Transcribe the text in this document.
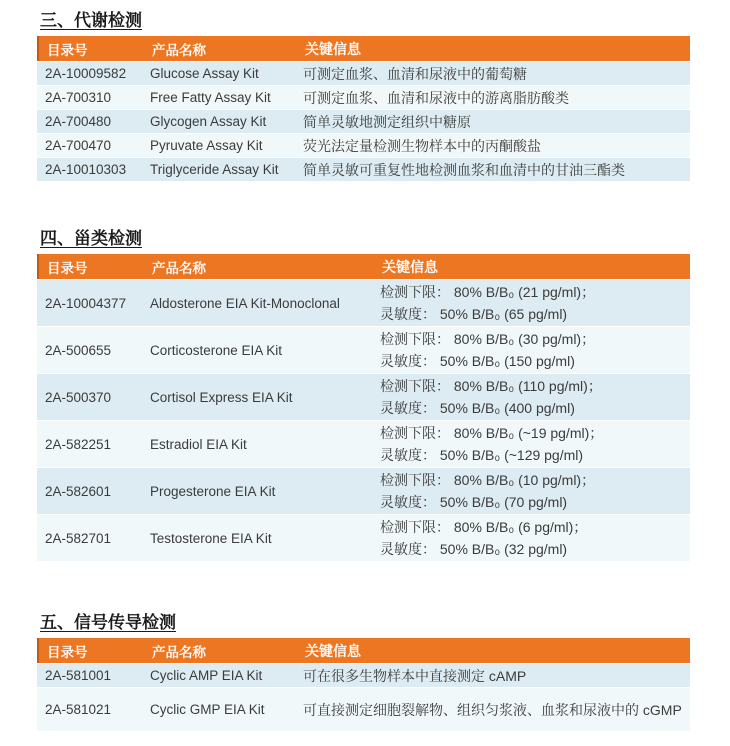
三、代谢检测
目录号	产品名称	关键信息
2A-10009582	Glucose Assay Kit	可测定血浆、血清和尿液中的葡萄糖
2A-700310	Free Fatty Assay Kit	可测定血浆、血清和尿液中的游离脂肪酸类
2A-700480	Glycogen Assay Kit	简单灵敏地测定组织中糖原
2A-700470	Pyruvate Assay Kit	荧光法定量检测生物样本中的丙酮酸盐
2A-10010303	Triglyceride Assay Kit	简单灵敏可重复性地检测血浆和血清中的甘油三酯类
四、甾类检测
目录号	产品名称	关键信息
2A-10004377	Aldosterone EIA Kit-Monoclonal
检测下限： 80% B/B₀ (21 pg/ml)；
灵敏度： 50% B/B₀ (65 pg/ml)
2A-500655	Corticosterone EIA Kit
检测下限： 80% B/B₀ (30 pg/ml)；
灵敏度： 50% B/B₀ (150 pg/ml)
2A-500370	Cortisol Express EIA Kit
检测下限： 80% B/B₀ (110 pg/ml)；
灵敏度： 50% B/B₀ (400 pg/ml)
2A-582251	Estradiol EIA Kit
检测下限： 80% B/B₀ (~19 pg/ml)；
灵敏度： 50% B/B₀ (~129 pg/ml)
2A-582601	Progesterone EIA Kit
检测下限： 80% B/B₀ (10 pg/ml)；
灵敏度： 50% B/B₀ (70 pg/ml)
2A-582701	Testosterone EIA Kit
检测下限： 80% B/B₀ (6 pg/ml)；
灵敏度： 50% B/B₀ (32 pg/ml)
五、信号传导检测
目录号	产品名称	关键信息
2A-581001	Cyclic AMP EIA Kit	可在很多生物样本中直接测定 cAMP
2A-581021	Cyclic GMP EIA Kit	可直接测定细胞裂解物、组织匀浆液、血浆和尿液中的 cGMP
